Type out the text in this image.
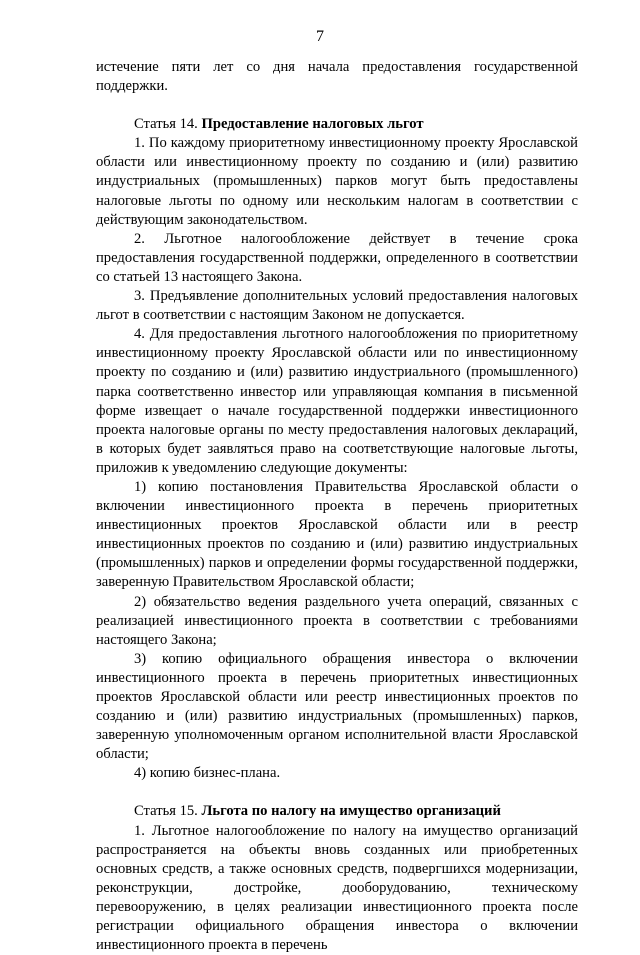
7

истечение пяти лет со дня начала предоставления государственной поддержки.

Статья 14. Предоставление налоговых льгот

1. По каждому приоритетному инвестиционному проекту Ярославской области или инвестиционному проекту по созданию и (или) развитию индустриальных (промышленных) парков могут быть предоставлены налоговые льготы по одному или нескольким налогам в соответствии с действующим законодательством.

2. Льготное налогообложение действует в течение срока предоставления государственной поддержки, определенного в соответствии со статьей 13 настоящего Закона.

3. Предъявление дополнительных условий предоставления налоговых льгот в соответствии с настоящим Законом не допускается.

4. Для предоставления льготного налогообложения по приоритетному инвестиционному проекту Ярославской области или по инвестиционному проекту по созданию и (или) развитию индустриального (промышленного) парка соответственно инвестор или управляющая компания в письменной форме извещает о начале государственной поддержки инвестиционного проекта налоговые органы по месту предоставления налоговых деклараций, в которых будет заявляться право на соответствующие налоговые льготы, приложив к уведомлению следующие документы:

1) копию постановления Правительства Ярославской области о включении инвестиционного проекта в перечень приоритетных инвестиционных проектов Ярославской области или в реестр инвестиционных проектов по созданию и (или) развитию индустриальных (промышленных) парков и определении формы государственной поддержки, заверенную Правительством Ярославской области;

2) обязательство ведения раздельного учета операций, связанных с реализацией инвестиционного проекта в соответствии с требованиями настоящего Закона;

3) копию официального обращения инвестора о включении инвестиционного проекта в перечень приоритетных инвестиционных проектов Ярославской области или реестр инвестиционных проектов по созданию и (или) развитию индустриальных (промышленных) парков, заверенную уполномоченным органом исполнительной власти Ярославской области;

4) копию бизнес-плана.

Статья 15. Льгота по налогу на имущество организаций

1. Льготное налогообложение по налогу на имущество организаций распространяется на объекты вновь созданных или приобретенных основных средств, а также основных средств, подвергшихся модернизации, реконструкции, достройке, дооборудованию, техническому перевооружению, в целях реализации инвестиционного проекта после регистрации официального обращения инвестора о включении инвестиционного проекта в перечень
